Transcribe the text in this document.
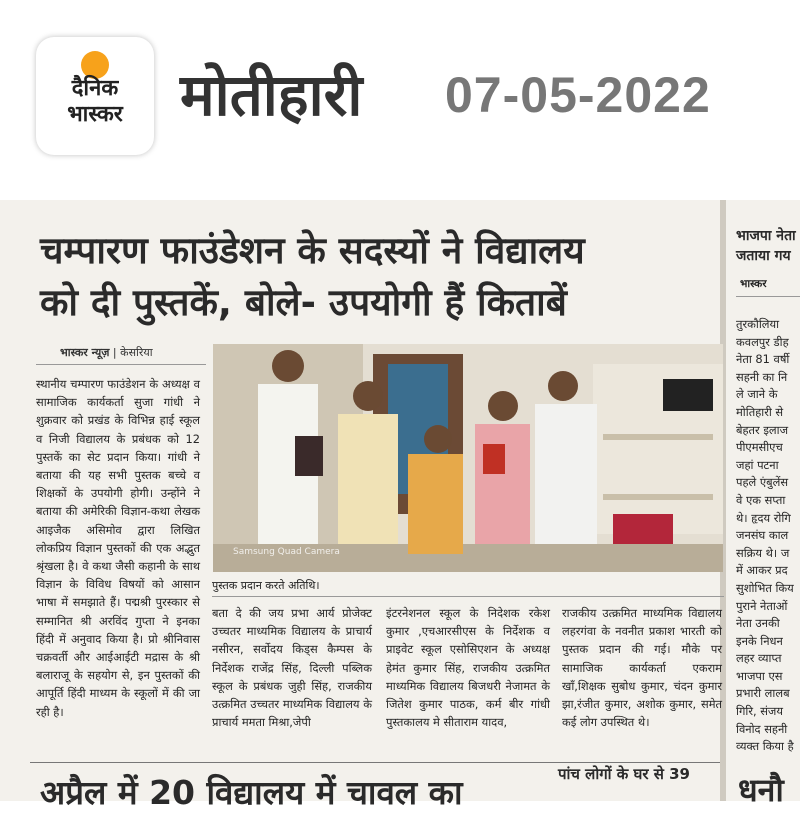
दैनिक
भास्कर मोतीहारी 07-05-2022
चम्पारण फाउंडेशन के सदस्यों ने विद्यालय
को दी पुस्तकें, बोले- उपयोगी हैं किताबें
भास्कर न्यूज़ | केसरिया
स्थानीय चम्पारण फाउंडेशन के अध्यक्ष व सामाजिक कार्यकर्ता सुजा गांधी ने शुक्रवार को प्रखंड के विभिन्न हाई स्कूल व निजी विद्यालय के प्रबंधक को 12 पुस्तकें का सेट प्रदान किया। गांधी ने बताया की यह सभी पुस्तक बच्चे व शिक्षकों के उपयोगी होगी। उन्होंने ने बताया की अमेरिकी विज्ञान-कथा लेखक आइजैक असिमोव द्वारा लिखित लोकप्रिय विज्ञान पुस्तकों की एक अद्भुत श्रृंखला है। वे कथा जैसी कहानी के साथ विज्ञान के विविध विषयों को आसान भाषा में समझाते हैं। पद्मश्री पुरस्कार से सम्मानित श्री अरविंद गुप्ता ने इनका हिंदी में अनुवाद किया है। प्रो श्रीनिवास चक्रवर्ती और आईआईटी मद्रास के श्री बलाराजू के सहयोग से, इन पुस्तकों की आपूर्ति हिंदी माध्यम के स्कूलों में की जा रही है।
बता दे की जय प्रभा आर्य प्रोजेक्ट उच्चतर माध्यमिक विद्यालय के प्राचार्य नसीरन, सर्वोदय किड्स कैम्पस के निर्देशक राजेंद्र सिंह, दिल्ली पब्लिक स्कूल के प्रबंधक जुही सिंह, राजकीय उत्क्रमित उच्चतर माध्यमिक विद्यालय के प्राचार्य ममता मिश्रा,जेपी
इंटरनेशनल स्कूल के निदेशक रकेश कुमार ,एचआरसीएस के निर्देशक व प्राइवेट स्कूल एसोसिएशन के अध्यक्ष हेमंत कुमार सिंह, राजकीय उत्क्रमित माध्यमिक विद्यालय बिजधरी नेजामत के जितेश कुमार पाठक, कर्म बीर गांधी पुस्तकालय मे सीताराम यादव,
राजकीय उत्क्रमित माध्यमिक विद्यालय लहरगंवा के नवनीत प्रकाश भारती को पुस्तक प्रदान की गई। मौके पर सामाजिक कार्यकर्ता एकराम खाँ,शिक्षक सुबोध कुमार, चंदन कुमार झा,रंजीत कुमार, अशोक कुमार, समेत कई लोग उपस्थित थे।
Samsung Quad Camera
पुस्तक प्रदान करते अतिथि।
भाजपा नेता
जताया गय
भास्कर
तुरकौलिया
कवलपुर डीह
नेता 81 वर्षी
सहनी का नि
ले जाने के
मोतिहारी से
बेहतर इलाज
पीएमसीएच
जहां पटना
पहले एंबुलेंस
वे एक सप्ता
थे। हृदय रोगि
जनसंघ काल
सक्रिय थे। ज
में आकर प्रद
सुशोभित किय
पुराने नेताओं
नेता उनकी
इनके निधन
लहर व्याप्त
भाजपा एस
प्रभारी लालब
गिरि, संजय
विनोद सहनी
व्यक्त किया है
अप्रैल में 20 विद्यालय में चावल का	पांच लोगों के घर से 39	धनौ
